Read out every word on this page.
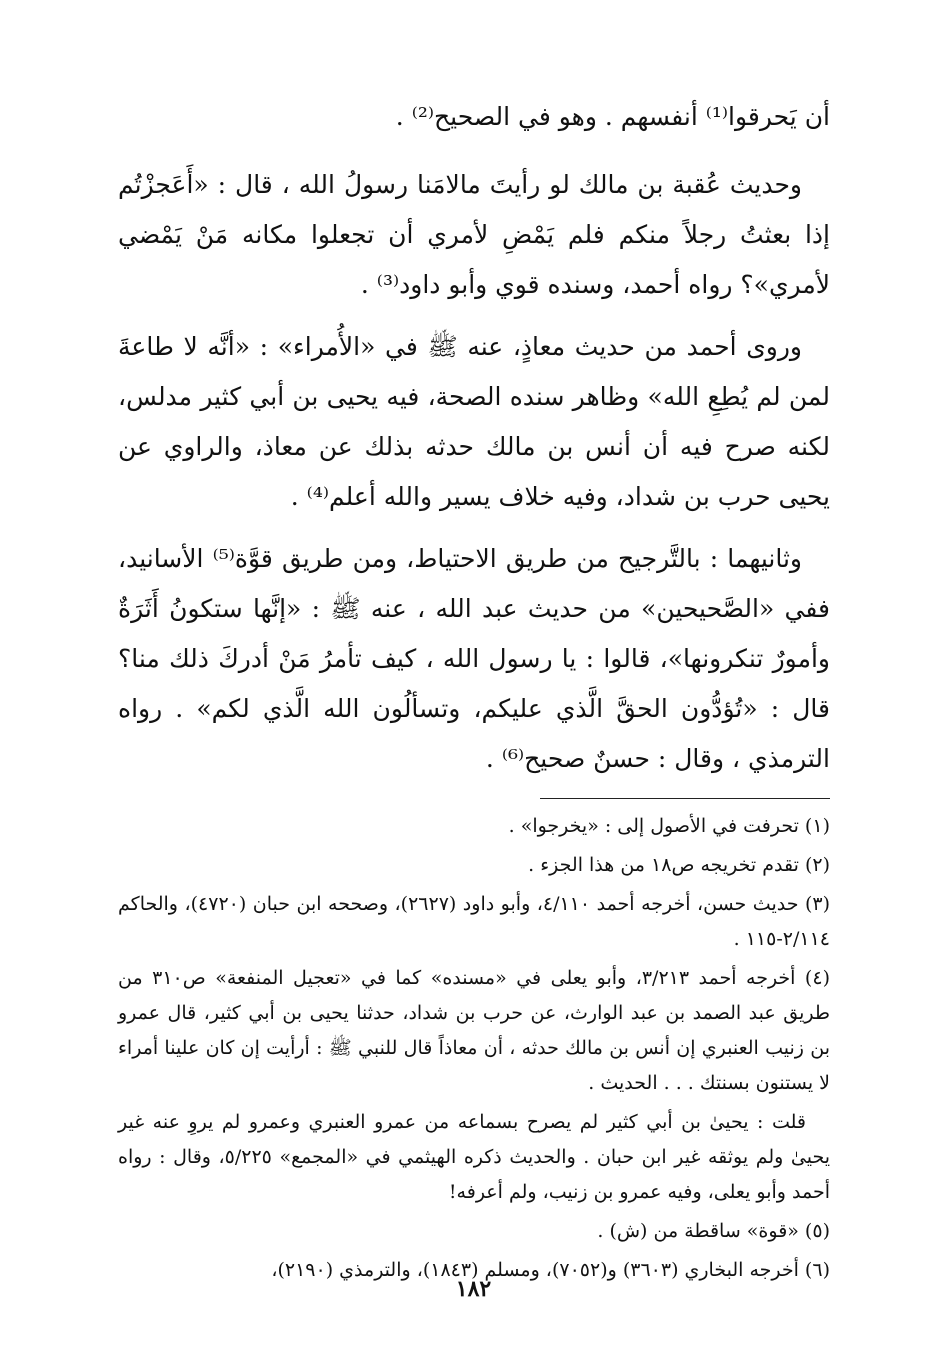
أن يَحرقوا⁽¹⁾ أنفسهم . وهو في الصحيح⁽²⁾ .

وحديث عُقبة بن مالك لو رأيتَ مالامَنا رسولُ الله ، قال : «أَعَجزْتُم إذا بعثتُ رجلاً منكم فلم يَمْضِ لأمري أن تجعلوا مكانه مَنْ يَمْضي لأمري»؟ رواه أحمد، وسنده قوي وأبو داود⁽³⁾ .

وروى أحمد من حديث معاذٍ، عنه ﷺ في «الأُمراء» : «أنَّه لا طاعةَ لمن لم يُطِعِ الله» وظاهر سنده الصحة، فيه يحيى بن أبي كثير مدلس، لكنه صرح فيه أن أنس بن مالك حدثه بذلك عن معاذ، والراوي عن يحيى حرب بن شداد، وفيه خلاف يسير والله أعلم⁽⁴⁾ .

وثانيهما : بالتَّرجيح من طريق الاحتياط، ومن طريق قوَّة⁽⁵⁾ الأسانيد، ففي «الصَّحيحين» من حديث عبد الله ، عنه ﷺ : «إنَّها ستكونُ أَثَرَةٌ وأمورٌ تنكرونها»، قالوا : يا رسول الله ، كيف تأمرُ مَنْ أدركَ ذلك منا؟ قال : «تُؤدُّون الحقَّ الَّذي عليكم، وتسألُون الله الَّذي لكم» . رواه الترمذي ، وقال : حسنٌ صحيح⁽⁶⁾ .

(١) تحرفت في الأصول إلى : «يخرجوا» .

(٢) تقدم تخريجه ص١٨ من هذا الجزء .

(٣) حديث حسن، أخرجه أحمد ٤/١١٠، وأبو داود (٢٦٢٧)، وصححه ابن حبان (٤٧٢٠)، والحاكم ٢/١١٤-١١٥ .

(٤) أخرجه أحمد ٣/٢١٣، وأبو يعلى في «مسنده» كما في «تعجيل المنفعة» ص٣١٠ من طريق عبد الصمد بن عبد الوارث، عن حرب بن شداد، حدثنا يحيى بن أبي كثير، قال عمرو بن زنيب العنبري إن أنس بن مالك حدثه ، أن معاذاً قال للنبي ﷺ : أرأيت إن كان علينا أمراء لا يستنون بسنتك . . . الحديث .

قلت : يحيىٰ بن أبي كثير لم يصرح بسماعه من عمرو العنبري وعمرو لم يروِ عنه غير يحيىٰ ولم يوثقه غير ابن حبان . والحديث ذكره الهيثمي في «المجمع» ٥/٢٢٥، وقال : رواه أحمد وأبو يعلى، وفيه عمرو بن زنيب، ولم أعرفه!

(٥) «قوة» ساقطة من (ش) .

(٦) أخرجه البخاري (٣٦٠٣) و(٧٠٥٢)، ومسلم (١٨٤٣)، والترمذي (٢١٩٠)،

١٨٢
